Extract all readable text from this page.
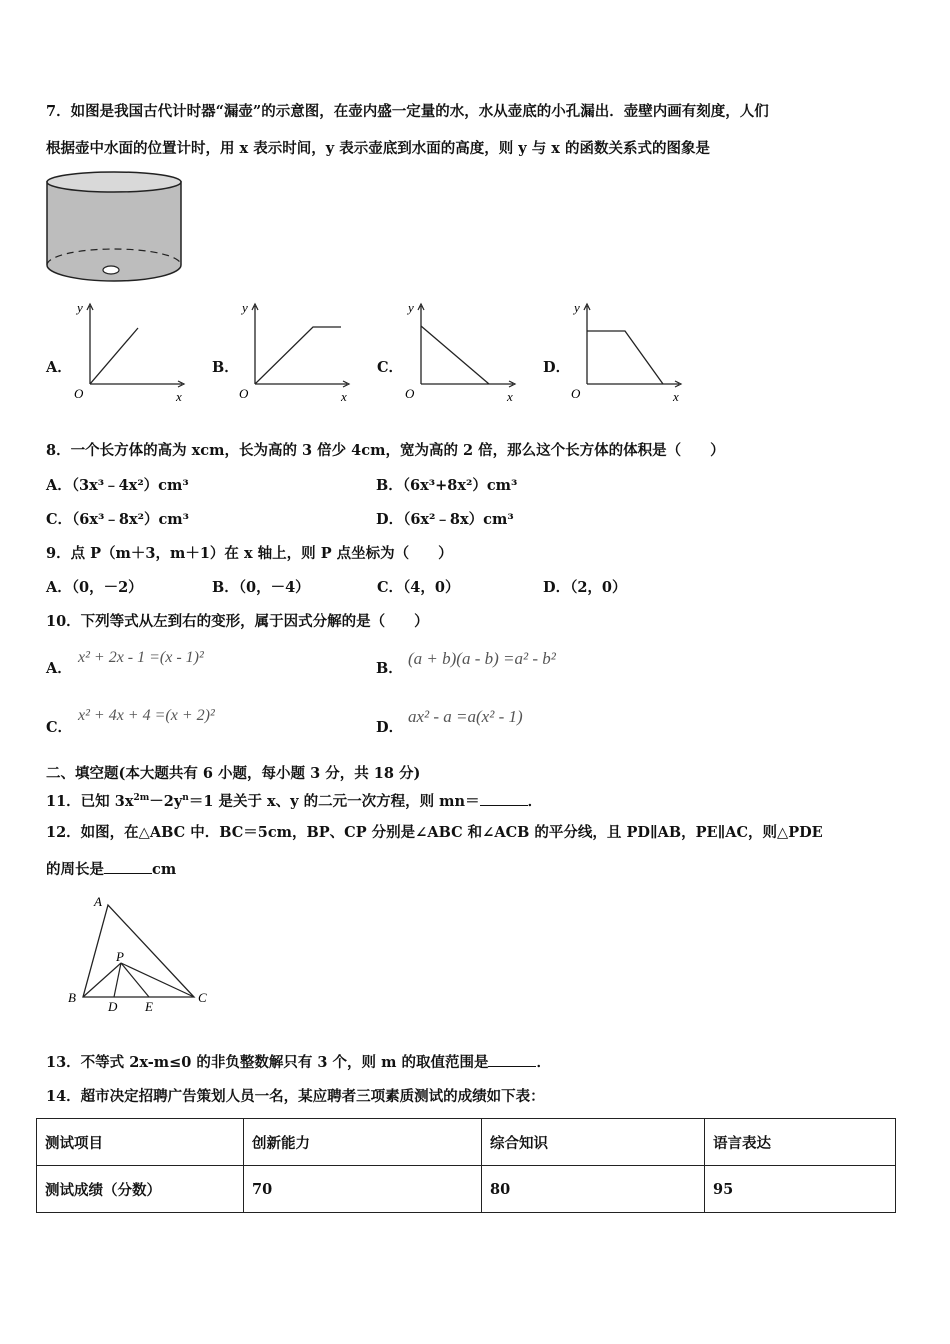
7．如图是我国古代计时器“漏壶”的示意图，在壶内盛一定量的水，水从壶底的小孔漏出．壶壁内画有刻度，人们
根据壶中水面的位置计时，用 x 表示时间，y 表示壶底到水面的高度，则 y 与 x 的函数关系式的图象是
A．
y
O	x
B．
y
O	x
C．
y
O	x
D．
y
O	x
8．一个长方体的高为 xcm，长为高的 3 倍少 4cm，宽为高的 2 倍，那么这个长方体的体积是（　　）
A．（3x³﹣4x²）cm³	B．（6x³+8x²）cm³
C．（6x³﹣8x²）cm³	D．（6x²﹣8x）cm³
9．点 P（m＋3，m＋1）在 x 轴上，则 P 点坐标为（　　）
A．（0，－2）	B．（0，－4）	C．（4，0）	D．（2，0）
10．下列等式从左到右的变形，属于因式分解的是（　　）
A．
x² + 2x - 1 =(x - 1)²
B．
(a + b)(a - b) =a² - b²
C．
x² + 4x + 4 =(x + 2)²
D．
ax² - a =a(x² - 1)
二、填空题(本大题共有 6 小题，每小题 3 分，共 18 分)
11．已知 $3x^{2m}-2y^n=1$ 是关于 x、y 的二元一次方程，则 mn＝	．
12．如图，在△ABC 中．BC＝5cm，BP、CP 分别是∠ABC 和∠ACB 的平分线，且 PD∥AB，PE∥AC，则△PDE
的周长是	cm
A
P
B
D E
C
13．不等式 2x-m≤0 的非负整数解只有 3 个，则 m 的取值范围是	．
14．超市决定招聘广告策划人员一名，某应聘者三项素质测试的成绩如下表：
测试项目	创新能力	综合知识	语言表达
测试成绩（分数）	70	80	95
